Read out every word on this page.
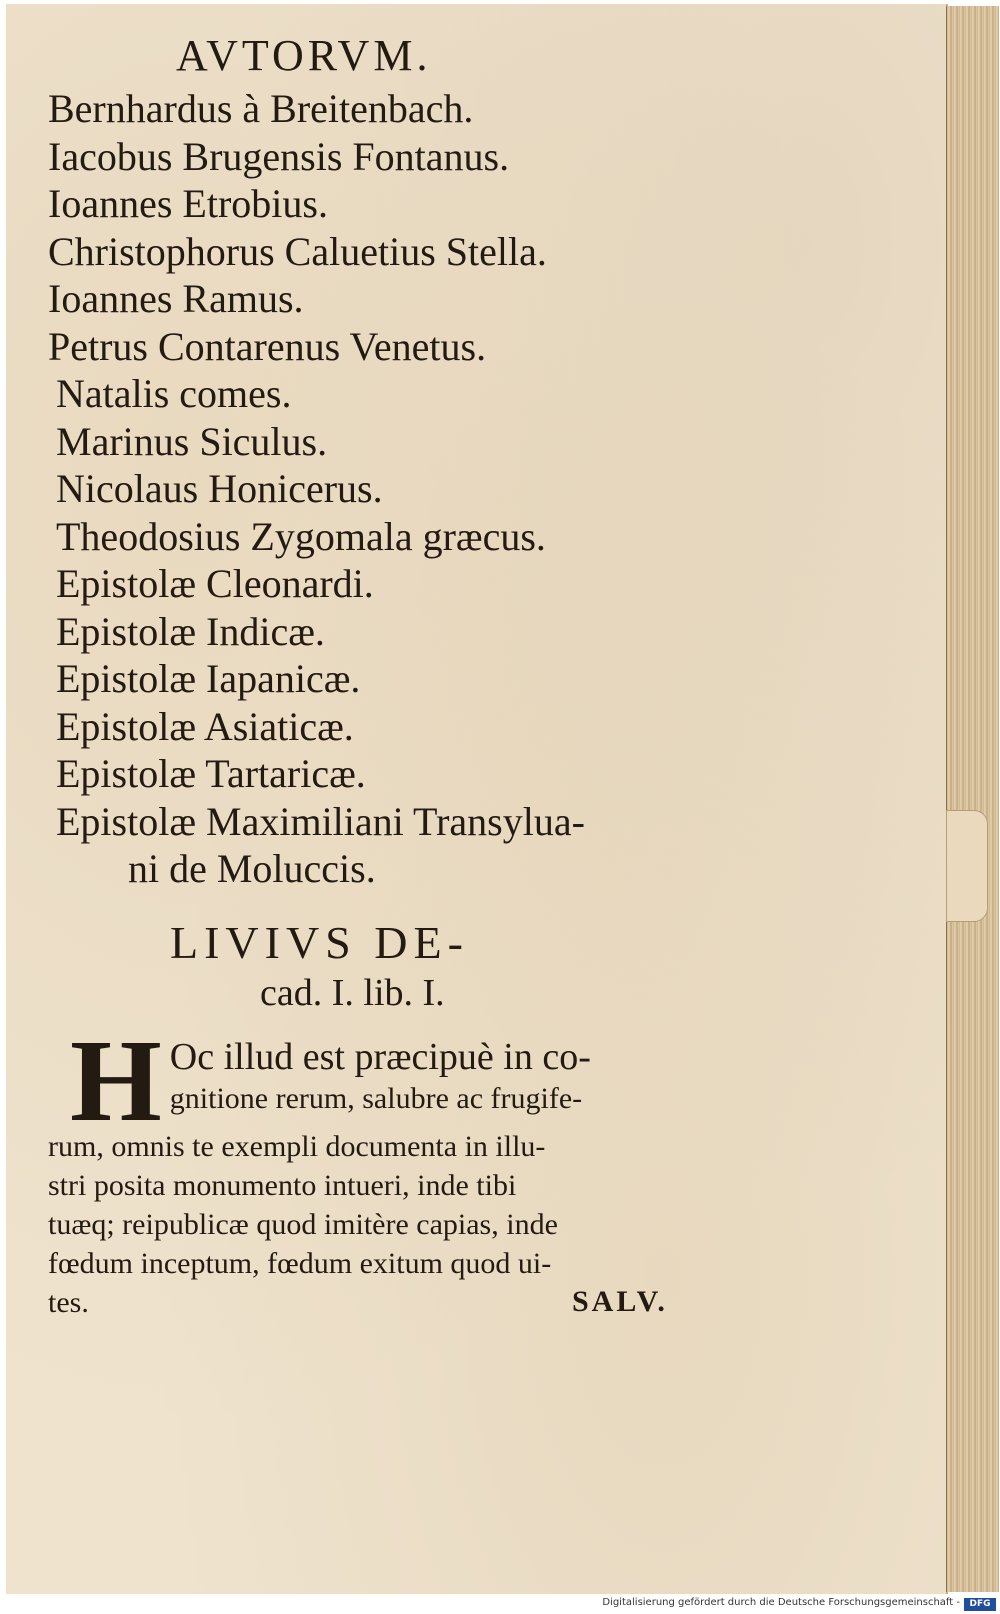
AVTORVM.
Bernhardus à Breitenbach.
Iacobus Brugensis Fontanus.
Ioannes Etrobius.
Christophorus Caluetius Stella.
Ioannes Ramus.
Petrus Contarenus Venetus.
Natalis comes.
Marinus Siculus.
Nicolaus Honicerus.
Theodosius Zygomala græcus.
Epistolæ Cleonardi.
Epistolæ Indicæ.
Epistolæ Iapanicæ.
Epistolæ Asiaticæ.
Epistolæ Tartaricæ.
Epistolæ Maximiliani Transylua-
ni de Moluccis.
LIVIVS DE-
cad. I. lib. I.
H Oc illud est præcipuè in co-
gnitione rerum, salubre ac frugife-
rum, omnis te exempli documenta in illu-
stri posita monumento intueri, inde tibi
tuæq; reipublicæ quod imitère capias, inde
fœdum inceptum, fœdum exitum quod ui-
tes.	SALV.
Digitalisierung gefördert durch die Deutsche Forschungsgemeinschaft -	DFG
